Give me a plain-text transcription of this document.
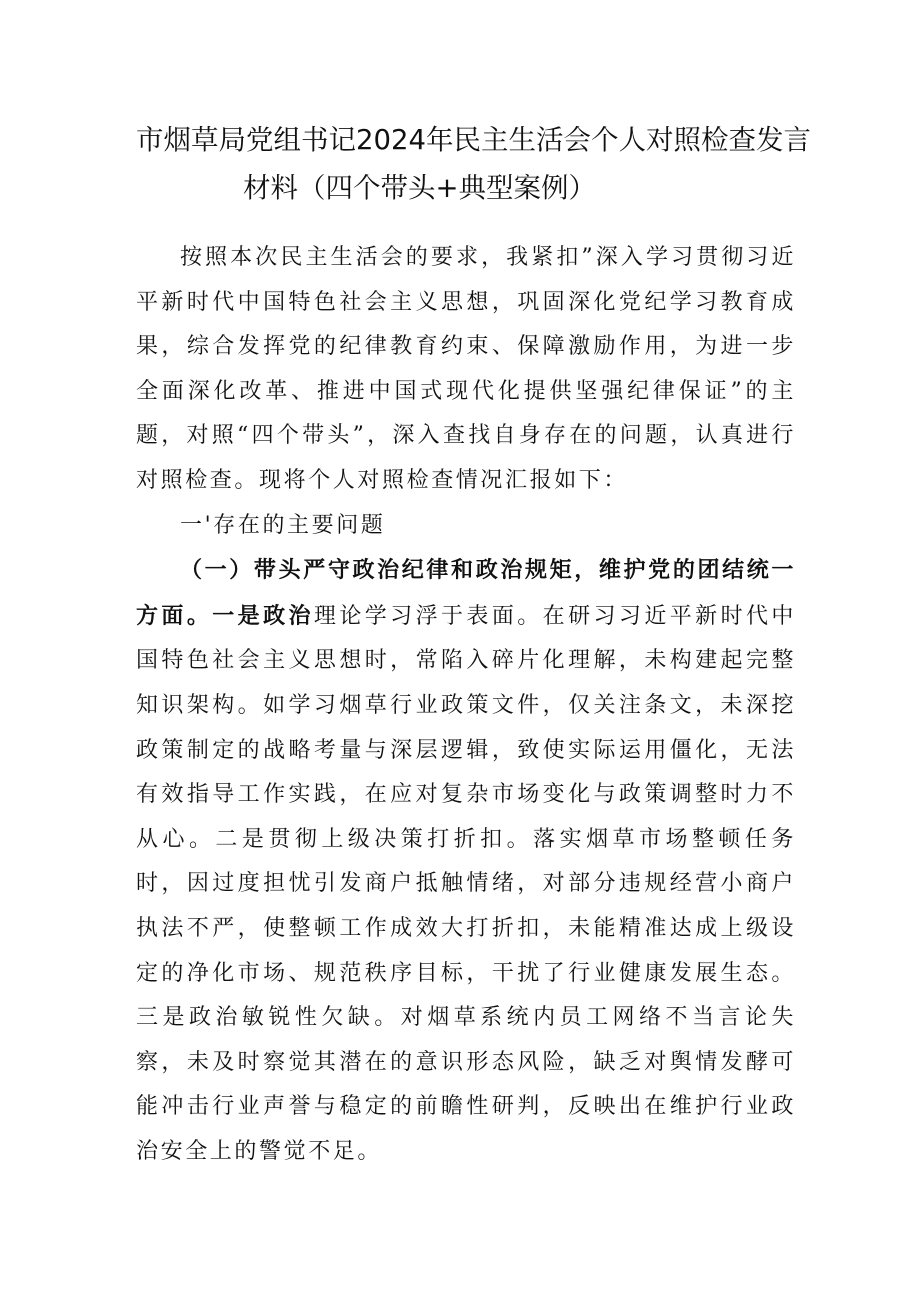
市烟草局党组书记2024年民主生活会个人对照检查发言
材料（四个带头+典型案例）

按照本次民主生活会的要求，我紧扣”深入学习贯彻习近平新时代中国特色社会主义思想，巩固深化党纪学习教育成果，综合发挥党的纪律教育约束、保障激励作用，为进一步全面深化改革、推进中国式现代化提供坚强纪律保证”的主题，对照“四个带头”，深入查找自身存在的问题，认真进行对照检查。现将个人对照检查情况汇报如下：

一'存在的主要问题

（一）带头严守政治纪律和政治规矩，维护党的团结统一方面。一是政治理论学习浮于表面。在研习习近平新时代中国特色社会主义思想时，常陷入碎片化理解，未构建起完整知识架构。如学习烟草行业政策文件，仅关注条文，未深挖政策制定的战略考量与深层逻辑，致使实际运用僵化，无法有效指导工作实践，在应对复杂市场变化与政策调整时力不从心。二是贯彻上级决策打折扣。落实烟草市场整顿任务时，因过度担忧引发商户抵触情绪，对部分违规经营小商户执法不严，使整顿工作成效大打折扣，未能精准达成上级设定的净化市场、规范秩序目标，干扰了行业健康发展生态。三是政治敏锐性欠缺。对烟草系统内员工网络不当言论失察，未及时察觉其潜在的意识形态风险，缺乏对舆情发酵可能冲击行业声誉与稳定的前瞻性研判，反映出在维护行业政治安全上的警觉不足。
